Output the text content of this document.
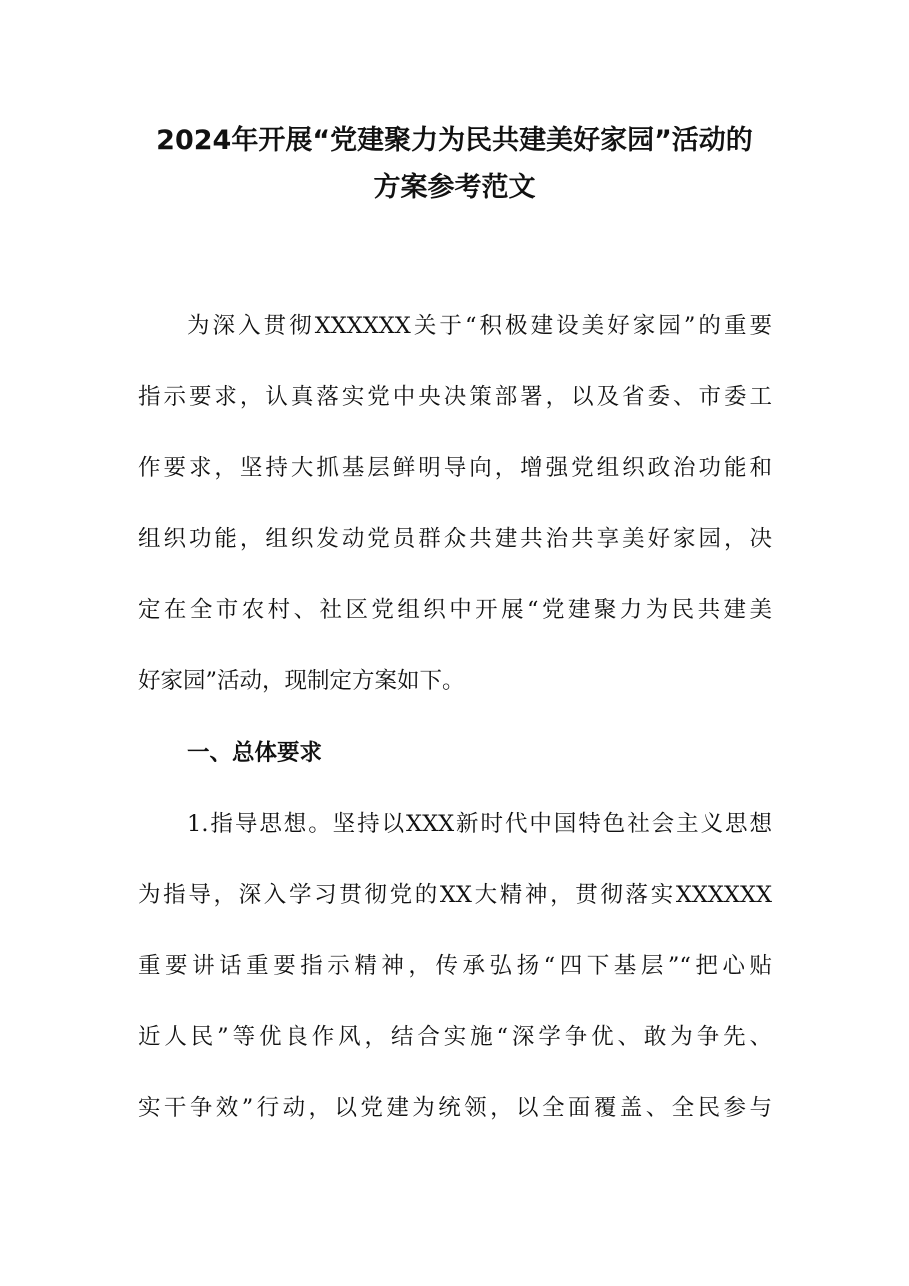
2024年开展“党建聚力为民共建美好家园”活动的
方案参考范文
为深入贯彻XXXXXX关于“积极建设美好家园”的重要
指示要求，认真落实党中央决策部署，以及省委、市委工
作要求，坚持大抓基层鲜明导向，增强党组织政治功能和
组织功能，组织发动党员群众共建共治共享美好家园，决
定在全市农村、社区党组织中开展“党建聚力为民共建美
好家园”活动，现制定方案如下。
一、总体要求
1.指导思想。坚持以XXX新时代中国特色社会主义思想
为指导，深入学习贯彻党的XX大精神，贯彻落实XXXXXX
重要讲话重要指示精神，传承弘扬“四下基层”“把心贴
近人民”等优良作风，结合实施“深学争优、敢为争先、
实干争效”行动，以党建为统领，以全面覆盖、全民参与
